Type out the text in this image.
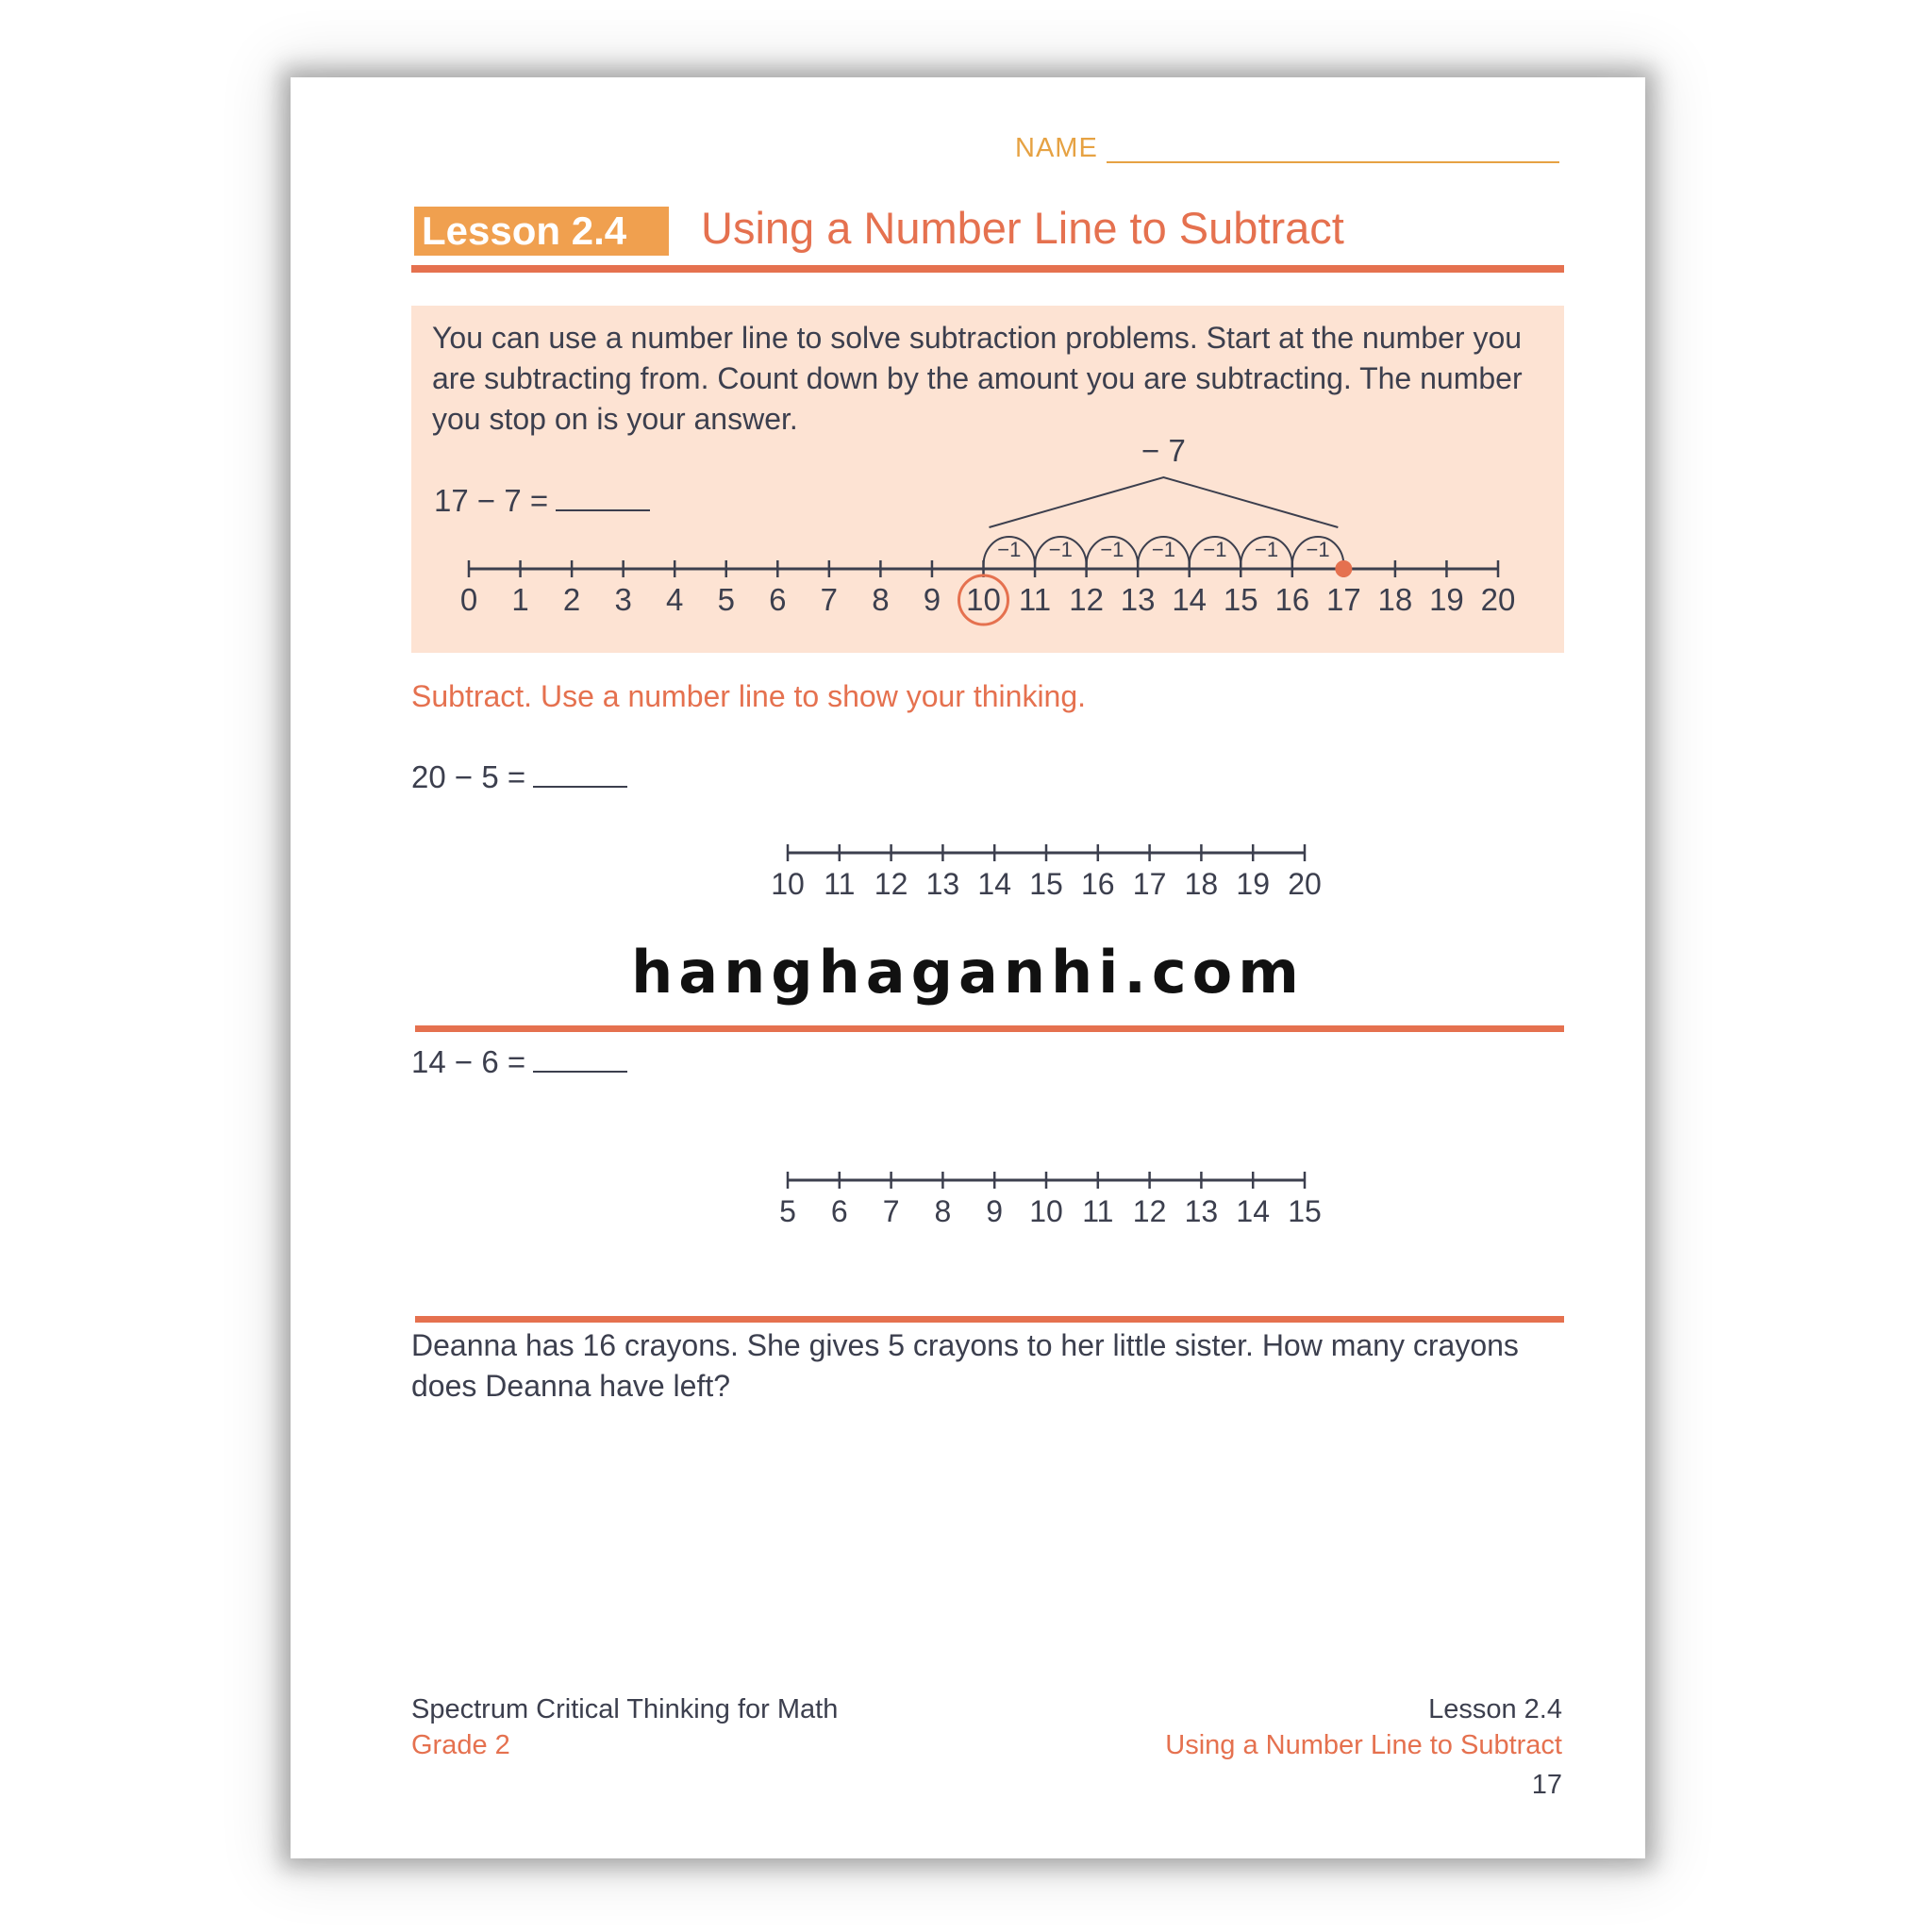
NAME
Lesson 2.4	Using a Number Line to Subtract
You can use a number line to solve subtraction problems. Start at the number you are subtracting from. Count down by the amount you are subtracting. The number you stop on is your answer.
17 − 7 =
0 1 2 3 4 5 6 7 8 9 10 11 12 13 14 15 16 17 18 19 20
−1
−1
−1
−1
−1
−1
−1
− 7
10 11 12 13 14 15 16 17 18 19 20
5 6 7 8 9 10 11 12 13 14 15
Subtract. Use a number line to show your thinking.
20 − 5 =
hanghaganhi.com
14 − 6 =
Deanna has 16 crayons. She gives 5 crayons to her little sister. How many crayons does Deanna have left?
Spectrum Critical Thinking for Math
Grade 2
Lesson 2.4
Using a Number Line to Subtract
17
